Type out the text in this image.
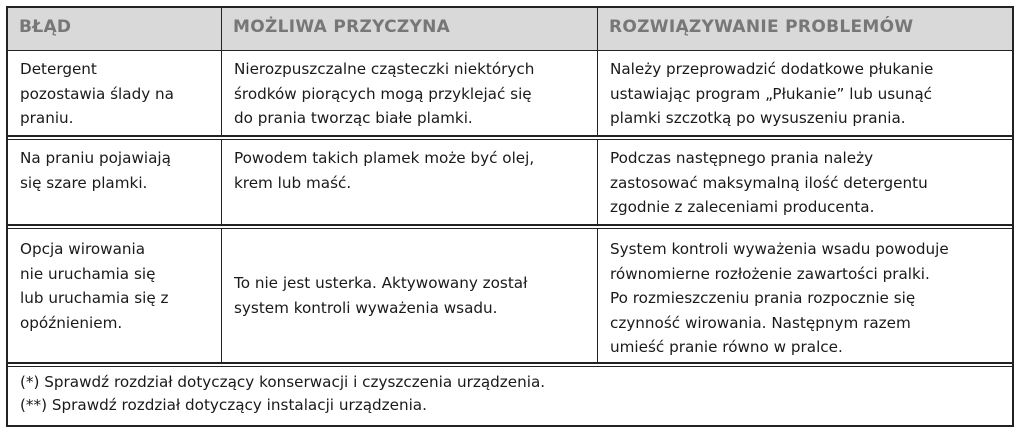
BŁĄD	MOŻLIWA PRZYCZYNA	ROZWIĄZYWANIE PROBLEMÓW
Detergent
pozostawia ślady na
praniu.
Nierozpuszczalne cząsteczki niektórych
środków piorących mogą przyklejać się
do prania tworząc białe plamki.
Należy przeprowadzić dodatkowe płukanie
ustawiając program „Płukanie” lub usunąć
plamki szczotką po wysuszeniu prania.
Na praniu pojawiają
się szare plamki.
Powodem takich plamek może być olej,
krem lub maść.
Podczas następnego prania należy
zastosować maksymalną ilość detergentu
zgodnie z zaleceniami producenta.
Opcja wirowania
nie uruchamia się
lub uruchamia się z
opóźnieniem.
To nie jest usterka. Aktywowany został
system kontroli wyważenia wsadu.
System kontroli wyważenia wsadu powoduje
równomierne rozłożenie zawartości pralki.
Po rozmieszczeniu prania rozpocznie się
czynność wirowania. Następnym razem
umieść pranie równo w pralce.
(*) Sprawdź rozdział dotyczący konserwacji i czyszczenia urządzenia.
(**) Sprawdź rozdział dotyczący instalacji urządzenia.
